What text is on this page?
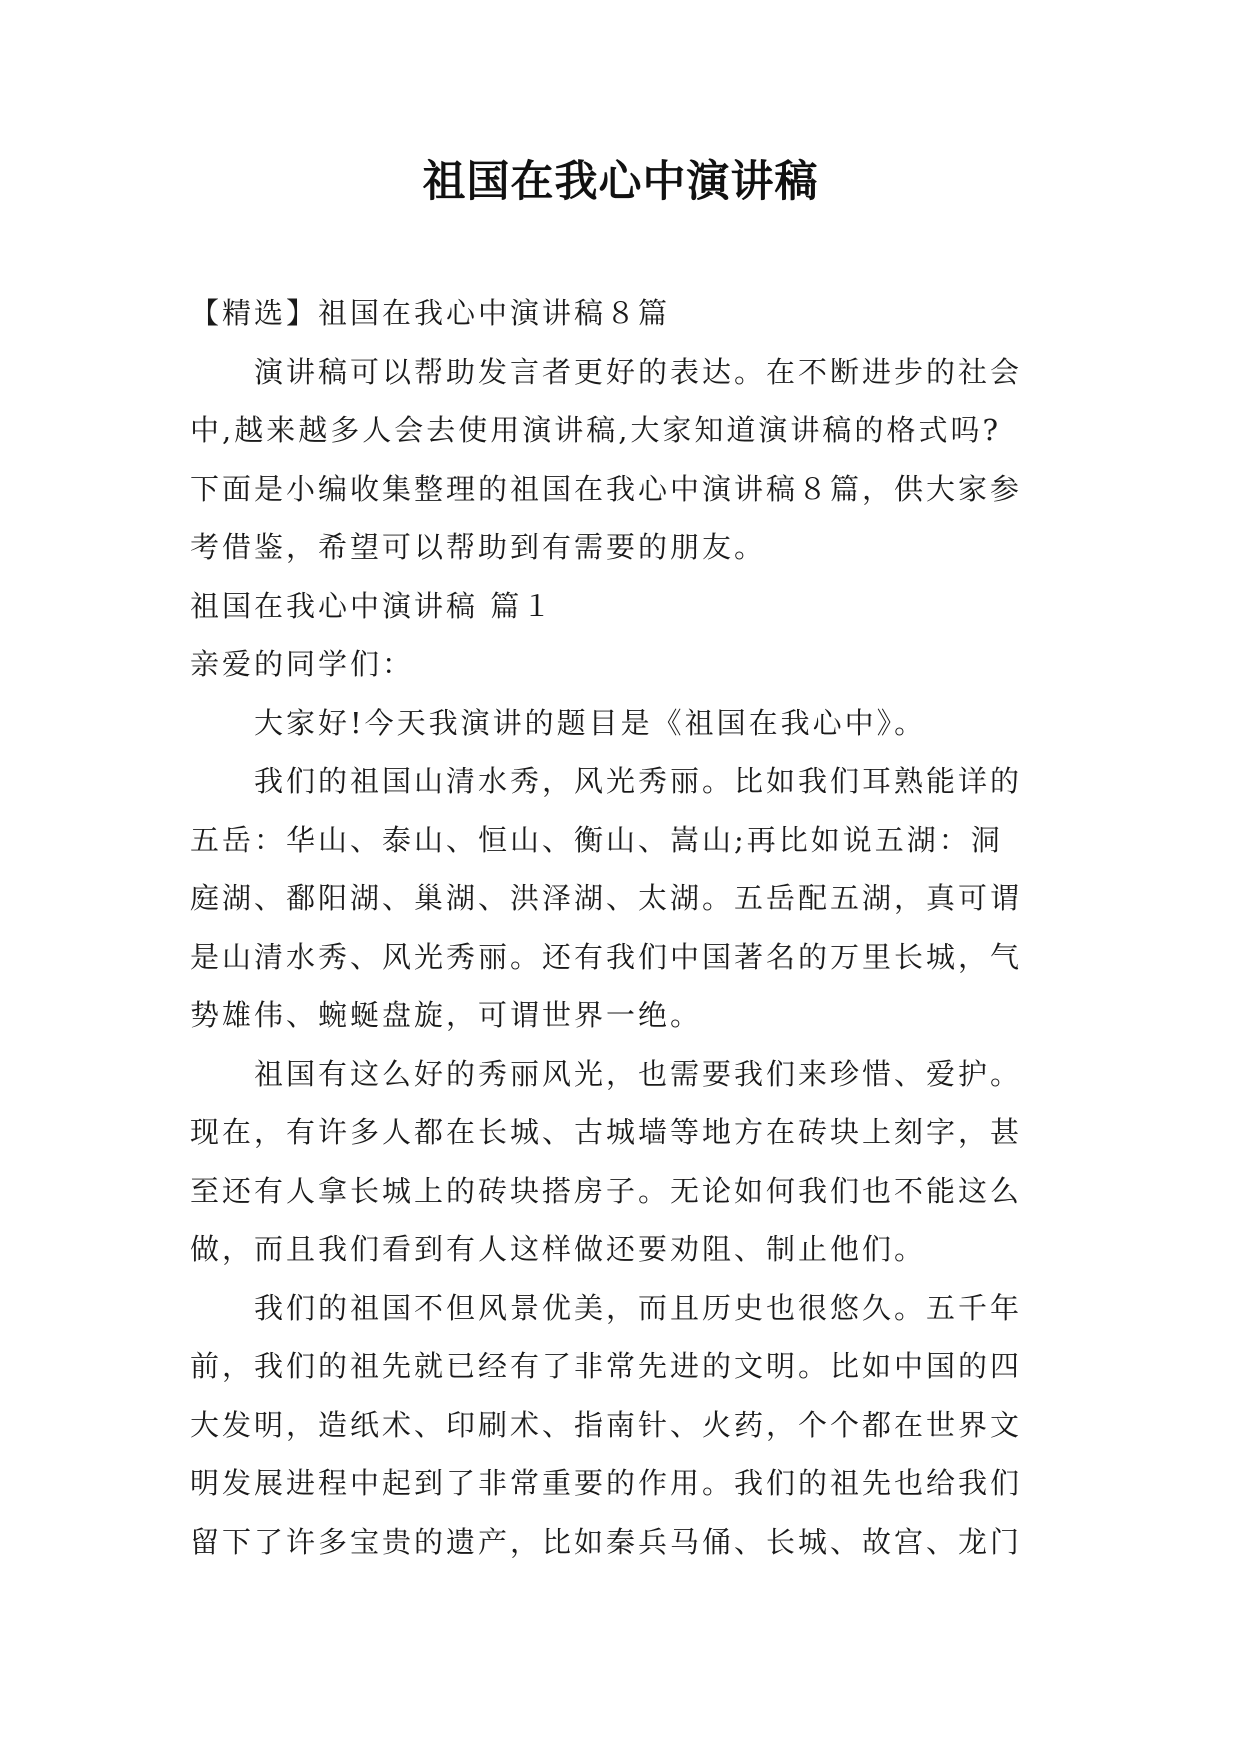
祖国在我心中演讲稿
【精选】祖国在我心中演讲稿８篇
演讲稿可以帮助发言者更好的表达。在不断进步的社会
中,越来越多人会去使用演讲稿,大家知道演讲稿的格式吗?
下面是小编收集整理的祖国在我心中演讲稿８篇，供大家参
考借鉴，希望可以帮助到有需要的朋友。
祖国在我心中演讲稿 篇１
亲爱的同学们：
大家好!今天我演讲的题目是《祖国在我心中》。
我们的祖国山清水秀，风光秀丽。比如我们耳熟能详的
五岳：华山、泰山、恒山、衡山、嵩山;再比如说五湖：洞
庭湖、鄱阳湖、巢湖、洪泽湖、太湖。五岳配五湖，真可谓
是山清水秀、风光秀丽。还有我们中国著名的万里长城，气
势雄伟、蜿蜒盘旋，可谓世界一绝。
祖国有这么好的秀丽风光，也需要我们来珍惜、爱护。
现在，有许多人都在长城、古城墙等地方在砖块上刻字，甚
至还有人拿长城上的砖块搭房子。无论如何我们也不能这么
做，而且我们看到有人这样做还要劝阻、制止他们。
我们的祖国不但风景优美，而且历史也很悠久。五千年
前，我们的祖先就已经有了非常先进的文明。比如中国的四
大发明，造纸术、印刷术、指南针、火药，个个都在世界文
明发展进程中起到了非常重要的作用。我们的祖先也给我们
留下了许多宝贵的遗产，比如秦兵马俑、长城、故宫、龙门
